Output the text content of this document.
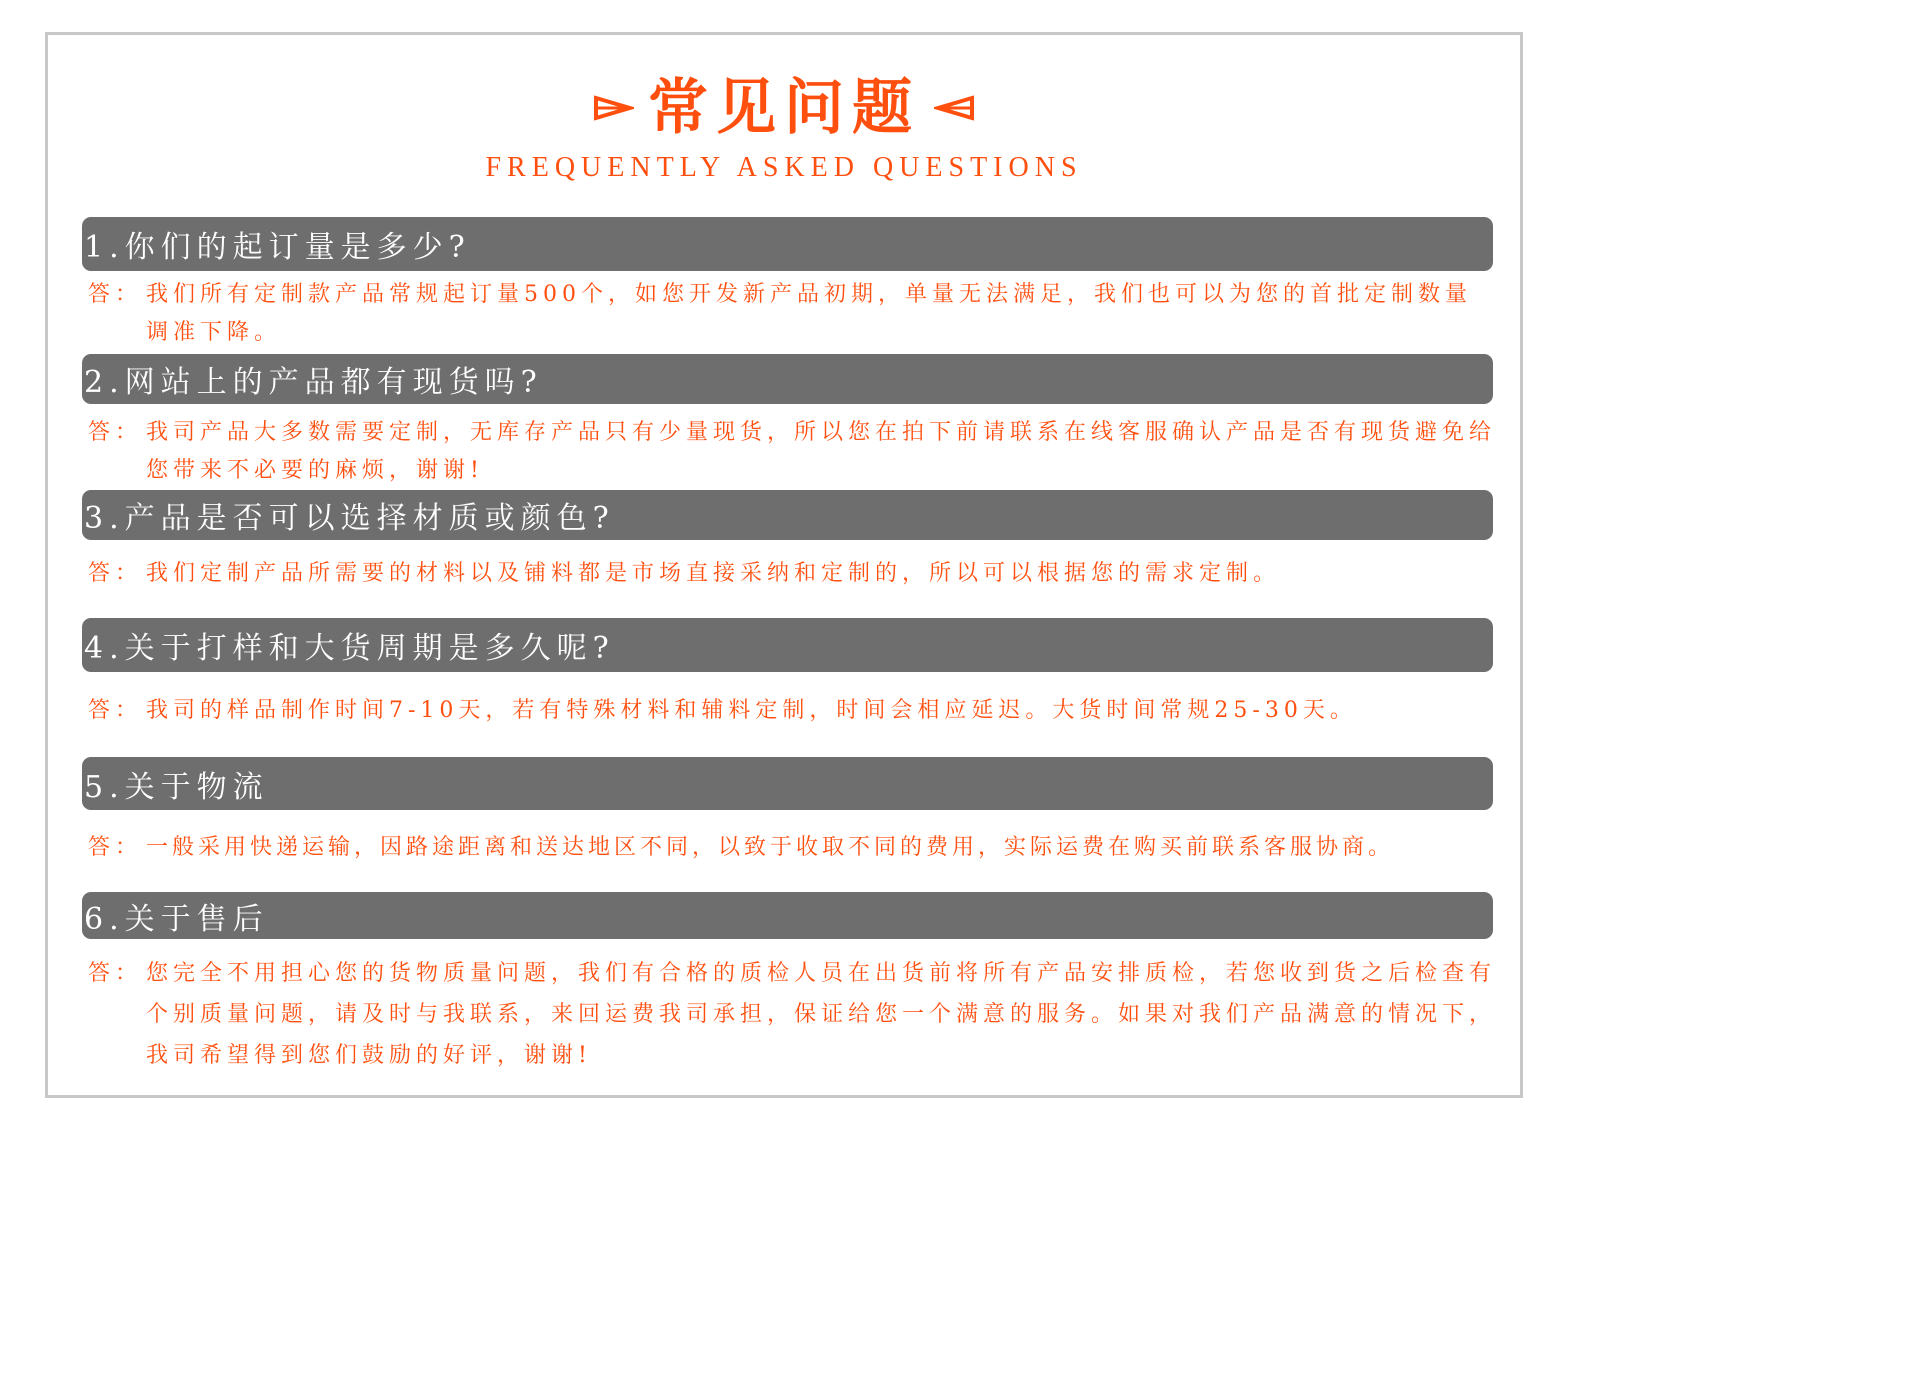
常见问题
FREQUENTLY ASKED QUESTIONS
1.你们的起订量是多少?
答： 我们所有定制款产品常规起订量500个，如您开发新产品初期，单量无法满足，我们也可以为您的首批定制数量调准下降。
2.网站上的产品都有现货吗?
答： 我司产品大多数需要定制，无库存产品只有少量现货，所以您在拍下前请联系在线客服确认产品是否有现货避免给您带来不必要的麻烦，谢谢!
3.产品是否可以选择材质或颜色?
答： 我们定制产品所需要的材料以及铺料都是市场直接采纳和定制的，所以可以根据您的需求定制。
4.关于打样和大货周期是多久呢?
答： 我司的样品制作时间7-10天，若有特殊材料和辅料定制，时间会相应延迟。大货时间常规25-30天。
5.关于物流
答： 一般采用快递运输，因路途距离和送达地区不同，以致于收取不同的费用，实际运费在购买前联系客服协商。
6.关于售后
答： 您完全不用担心您的货物质量问题，我们有合格的质检人员在出货前将所有产品安排质检，若您收到货之后检查有个别质量问题，请及时与我联系，来回运费我司承担，保证给您一个满意的服务。如果对我们产品满意的情况下，我司希望得到您们鼓励的好评，谢谢!
